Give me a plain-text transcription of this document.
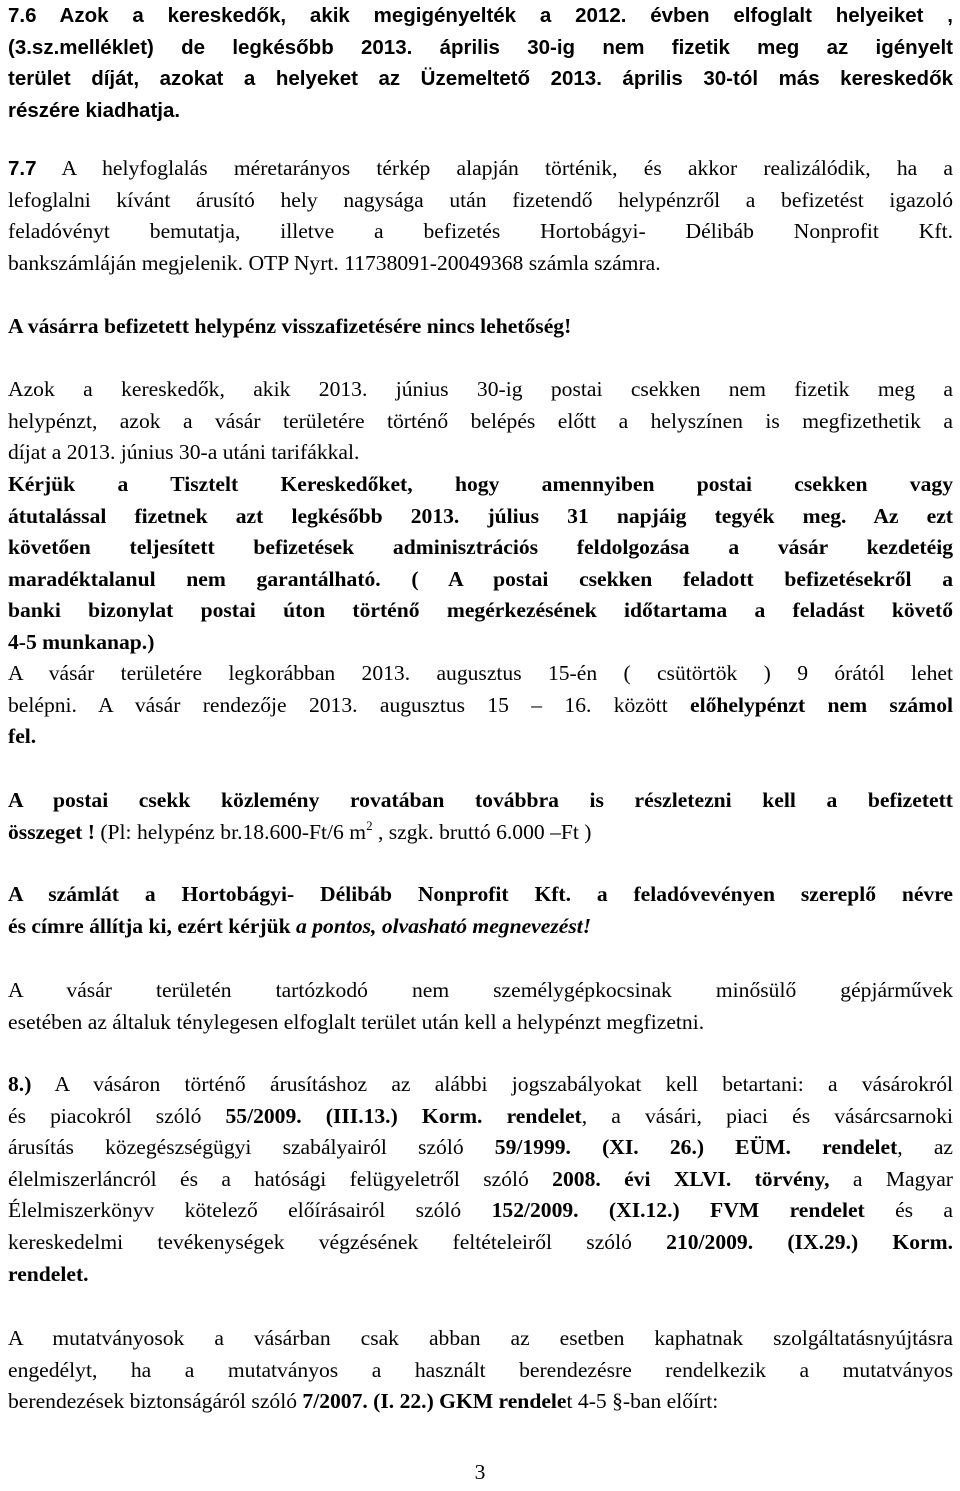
7.6 Azok a kereskedők, akik megigényelték a 2012. évben elfoglalt helyeiket ,
(3.sz.melléklet) de legkésőbb 2013. április 30-ig nem fizetik meg az igényelt
terület díját, azokat a helyeket az Üzemeltető 2013. április 30-tól más kereskedők
részére kiadhatja.
7.7 A helyfoglalás méretarányos térkép alapján történik, és akkor realizálódik, ha a
lefoglalni kívánt árusító hely nagysága után fizetendő helypénzről a befizetést igazoló
feladóvényt bemutatja, illetve a befizetés Hortobágyi- Délibáb Nonprofit Kft.
bankszámláján megjelenik. OTP Nyrt. 11738091-20049368 számla számra.
A vásárra befizetett helypénz visszafizetésére nincs lehetőség!
Azok a kereskedők, akik 2013. június 30-ig postai csekken nem fizetik meg a
helypénzt, azok a vásár területére történő belépés előtt a helyszínen is megfizethetik a
díjat a 2013. június 30-a utáni tarifákkal.
Kérjük a Tisztelt Kereskedőket, hogy amennyiben postai csekken vagy
átutalással fizetnek azt legkésőbb 2013. július 31 napjáig tegyék meg. Az ezt
követően teljesített befizetések adminisztrációs feldolgozása a vásár kezdetéig
maradéktalanul nem garantálható. ( A postai csekken feladott befizetésekről a
banki bizonylat postai úton történő megérkezésének időtartama a feladást követő
4-5 munkanap.)
A vásár területére legkorábban 2013. augusztus 15-én ( csütörtök ) 9 órától lehet
belépni. A vásár rendezője 2013. augusztus 15 – 16. között előhelypénzt nem számol
fel.
A postai csekk közlemény rovatában továbbra is részletezni kell a befizetett
összeget ! (Pl: helypénz br.18.600-Ft/6 $m^2$ , szgk. bruttó 6.000 –Ft )
A számlát a Hortobágyi- Délibáb Nonprofit Kft. a feladóvevényen szereplő névre
és címre állítja ki, ezért kérjük a pontos, olvasható megnevezést!
A vásár területén tartózkodó nem személygépkocsinak minősülő gépjárművek
esetében az általuk ténylegesen elfoglalt terület után kell a helypénzt megfizetni.
8.) A vásáron történő árusításhoz az alábbi jogszabályokat kell betartani: a vásárokról
és piacokról szóló 55/2009. (III.13.) Korm. rendelet, a vásári, piaci és vásárcsarnoki
árusítás közegészségügyi szabályairól szóló 59/1999. (XI. 26.) EÜM. rendelet, az
élelmiszerláncról és a hatósági felügyeletről szóló 2008. évi XLVI. törvény, a Magyar
Élelmiszerkönyv kötelező előírásairól szóló 152/2009. (XI.12.) FVM rendelet és a
kereskedelmi tevékenységek végzésének feltételeiről szóló 210/2009. (IX.29.) Korm.
rendelet.
A mutatványosok a vásárban csak abban az esetben kaphatnak szolgáltatásnyújtásra
engedélyt, ha a mutatványos a használt berendezésre rendelkezik a mutatványos
berendezések biztonságáról szóló 7/2007. (I. 22.) GKM rendelet 4-5 §-ban előírt:
3
